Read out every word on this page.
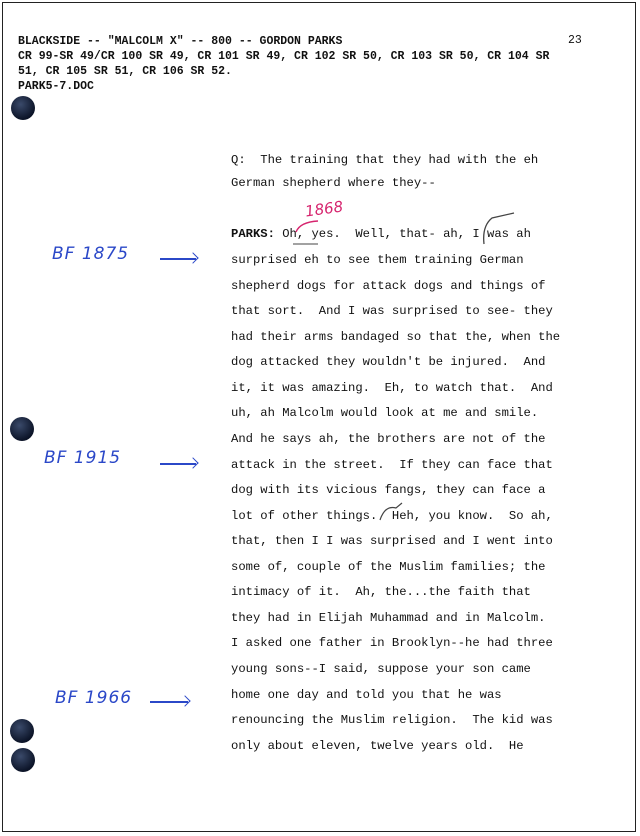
BLACKSIDE -- "MALCOLM X" -- 800 -- GORDON PARKS
CR 99-SR 49/CR 100 SR 49, CR 101 SR 49, CR 102 SR 50, CR 103 SR 50, CR 104 SR
51, CR 105 SR 51, CR 106 SR 52.
PARK5-7.DOC
23
Q: The training that they had with the eh
German shepherd where they--
PARKS: Oh, yes.  Well, that- ah, I was ah
surprised eh to see them training German
shepherd dogs for attack dogs and things of
that sort.  And I was surprised to see- they
had their arms bandaged so that the, when the
dog attacked they wouldn't be injured.  And
it, it was amazing.  Eh, to watch that.  And
uh, ah Malcolm would look at me and smile.
And he says ah, the brothers are not of the
attack in the street.  If they can face that
dog with its vicious fangs, they can face a
lot of other things.  Heh, you know.  So ah,
that, then I I was surprised and I went into
some of, couple of the Muslim families; the
intimacy of it.  Ah, the...the faith that
they had in Elijah Muhammad and in Malcolm.
I asked one father in Brooklyn--he had three
young sons--I said, suppose your son came
home one day and told you that he was
renouncing the Muslim religion.  The kid was
only about eleven, twelve years old.  He
1868
BF 1875
BF 1915
BF 1966
